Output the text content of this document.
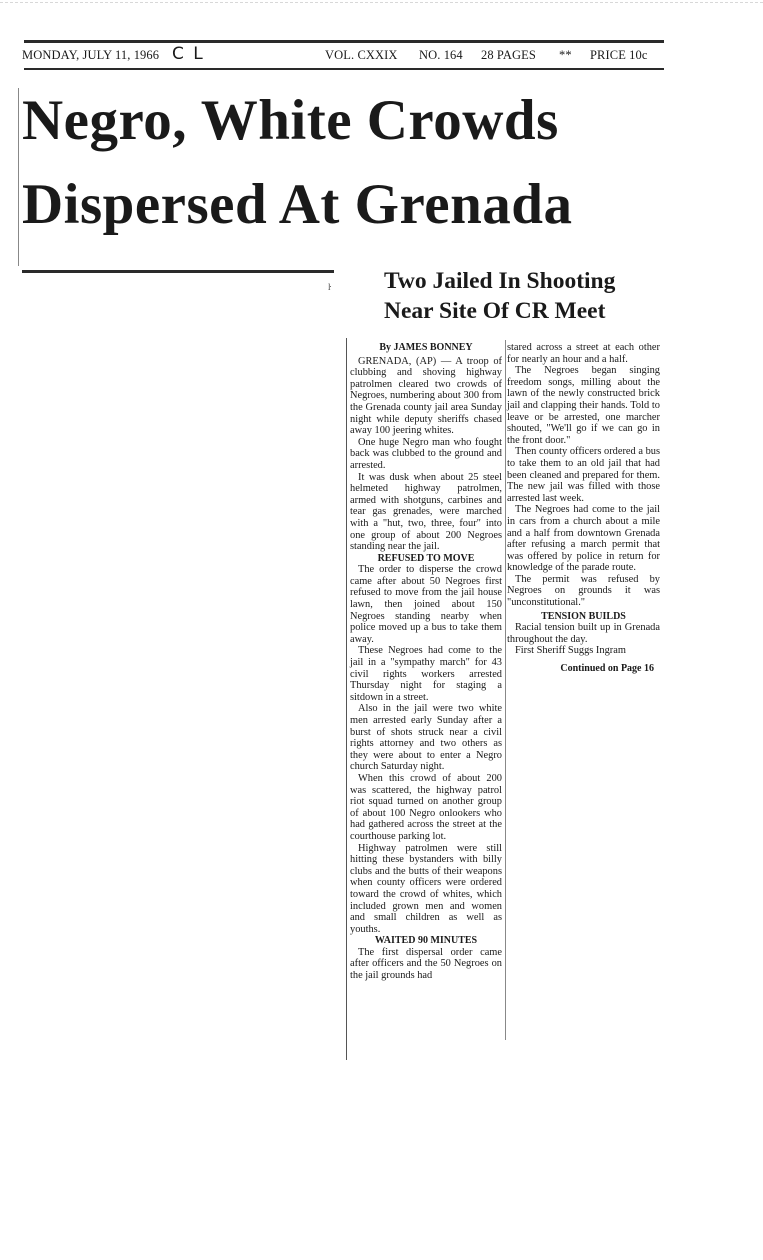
MONDAY, JULY 11, 1966 C L	VOL. CXXIX NO. 164 28 PAGES ** PRICE 10c
Negro, White Crowds
Dispersed At Grenada
Two Jailed In Shooting
Near Site Of CR Meet
ŀ

By JAMES BONNEY

GRENADA, (AP) — A troop of clubbing and shoving highway patrolmen cleared two crowds of Negroes, numbering about 300 from the Grenada county jail area Sunday night while deputy sheriffs chased away 100 jeering whites.

One huge Negro man who fought back was clubbed to the ground and arrested.

It was dusk when about 25 steel helmeted highway patrolmen, armed with shotguns, carbines and tear gas grenades, were marched with a "hut, two, three, four" into one group of about 200 Negroes standing near the jail.

REFUSED TO MOVE

The order to disperse the crowd came after about 50 Negroes first refused to move from the jail house lawn, then joined about 150 Negroes standing nearby when police moved up a bus to take them away.

These Negroes had come to the jail in a "sympathy march" for 43 civil rights workers arrested Thursday night for staging a sitdown in a street.

Also in the jail were two white men arrested early Sunday after a burst of shots struck near a civil rights attorney and two others as they were about to enter a Negro church Saturday night.

When this crowd of about 200 was scattered, the highway patrol riot squad turned on another group of about 100 Negro onlookers who had gathered across the street at the courthouse parking lot.

Highway patrolmen were still hitting these bystanders with billy clubs and the butts of their weapons when county officers were ordered toward the crowd of whites, which included grown men and women and small children as well as youths.

WAITED 90 MINUTES

The first dispersal order came after officers and the 50 Negroes on the jail grounds had

stared across a street at each other for nearly an hour and a half.

The Negroes began singing freedom songs, milling about the lawn of the newly constructed brick jail and clapping their hands. Told to leave or be arrested, one marcher shouted, "We'll go if we can go in the front door."

Then county officers ordered a bus to take them to an old jail that had been cleaned and prepared for them. The new jail was filled with those arrested last week.

The Negroes had come to the jail in cars from a church about a mile and a half from downtown Grenada after refusing a march permit that was offered by police in return for knowledge of the parade route.

The permit was refused by Negroes on grounds it was "unconstitutional."

TENSION BUILDS

Racial tension built up in Grenada throughout the day.

First Sheriff Suggs Ingram

Continued on Page 16
